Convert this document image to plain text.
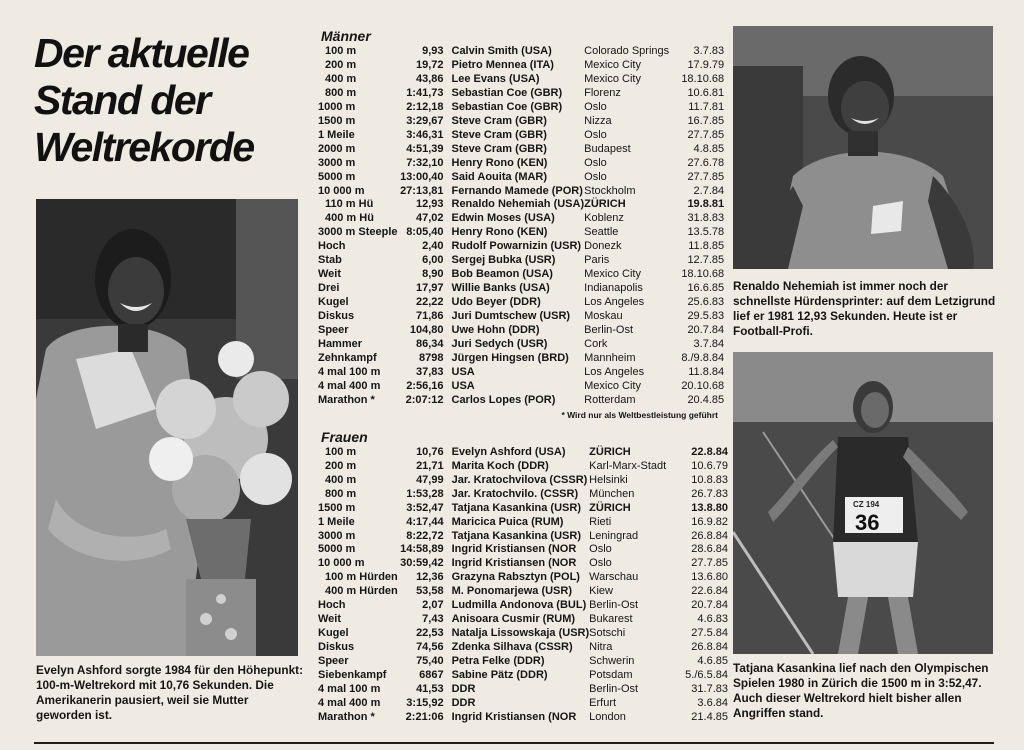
Der aktuelle
Stand der
Weltrekorde

Evelyn Ashford sorgte 1984 für den Höhepunkt: 100-m-Weltrekord mit 10,76 Sekunden. Die Amerikanerin pausiert, weil sie Mutter geworden ist.

Männer
100 m	9,93	Calvin Smith (USA)	Colorado Springs	3.7.83
200 m	19,72	Pietro Mennea (ITA)	Mexico City	17.9.79
400 m	43,86	Lee Evans (USA)	Mexico City	18.10.68
800 m	1:41,73	Sebastian Coe (GBR)	Florenz	10.6.81
1000 m	2:12,18	Sebastian Coe (GBR)	Oslo	11.7.81
1500 m	3:29,67	Steve Cram (GBR)	Nizza	16.7.85
1 Meile	3:46,31	Steve Cram (GBR)	Oslo	27.7.85
2000 m	4:51,39	Steve Cram (GBR)	Budapest	4.8.85
3000 m	7:32,10	Henry Rono (KEN)	Oslo	27.6.78
5000 m	13:00,40	Said Aouita (MAR)	Oslo	27.7.85
10 000 m	27:13,81	Fernando Mamede (POR)	Stockholm	2.7.84
110 m Hü	12,93	Renaldo Nehemiah (USA)	ZÜRICH	19.8.81
400 m Hü	47,02	Edwin Moses (USA)	Koblenz	31.8.83
3000 m Steeple	8:05,40	Henry Rono (KEN)	Seattle	13.5.78
Hoch	2,40	Rudolf Powarnizin (USR)	Donezk	11.8.85
Stab	6,00	Sergej Bubka (USR)	Paris	12.7.85
Weit	8,90	Bob Beamon (USA)	Mexico City	18.10.68
Drei	17,97	Willie Banks (USA)	Indianapolis	16.6.85
Kugel	22,22	Udo Beyer (DDR)	Los Angeles	25.6.83
Diskus	71,86	Juri Dumtschew (USR)	Moskau	29.5.83
Speer	104,80	Uwe Hohn (DDR)	Berlin-Ost	20.7.84
Hammer	86,34	Juri Sedych (USR)	Cork	3.7.84
Zehnkampf	8798	Jürgen Hingsen (BRD)	Mannheim	8./9.8.84
4 mal 100 m	37,83	USA	Los Angeles	11.8.84
4 mal 400 m	2:56,16	USA	Mexico City	20.10.68
Marathon *	2:07:12	Carlos Lopes (POR)	Rotterdam	20.4.85
* Wird nur als Weltbestleistung geführt
Frauen
100 m	10,76	Evelyn Ashford (USA)	ZÜRICH	22.8.84
200 m	21,71	Marita Koch (DDR)	Karl-Marx-Stadt	10.6.79
400 m	47,99	Jar. Kratochvilova (CSSR)	Helsinki	10.8.83
800 m	1:53,28	Jar. Kratochvilo. (CSSR)	München	26.7.83
1500 m	3:52,47	Tatjana Kasankina (USR)	ZÜRICH	13.8.80
1 Meile	4:17,44	Maricica Puica (RUM)	Rieti	16.9.82
3000 m	8:22,72	Tatjana Kasankina (USR)	Leningrad	26.8.84
5000 m	14:58,89	Ingrid Kristiansen (NOR	Oslo	28.6.84
10 000 m	30:59,42	Ingrid Kristiansen (NOR	Oslo	27.7.85
100 m Hürden	12,36	Grazyna Rabsztyn (POL)	Warschau	13.6.80
400 m Hürden	53,58	M. Ponomarjewa (USR)	Kiew	22.6.84
Hoch	2,07	Ludmilla Andonova (BUL)	Berlin-Ost	20.7.84
Weit	7,43	Anisoara Cusmir (RUM)	Bukarest	4.6.83
Kugel	22,53	Natalja Lissowskaja (USR)	Sotschi	27.5.84
Diskus	74,56	Zdenka Silhava (CSSR)	Nitra	26.8.84
Speer	75,40	Petra Felke (DDR)	Schwerin	4.6.85
Siebenkampf	6867	Sabine Pätz (DDR)	Potsdam	5./6.5.84
4 mal 100 m	41,53	DDR	Berlin-Ost	31.7.83
4 mal 400 m	3:15,92	DDR	Erfurt	3.6.84
Marathon *	2:21:06	Ingrid Kristiansen (NOR	London	21.4.85

Renaldo Nehemiah ist immer noch der schnellste Hürdensprinter: auf dem Letzigrund lief er 1981 12,93 Sekunden. Heute ist er Football-Profi.

CZ 194
36

Tatjana Kasankina lief nach den Olympischen Spielen 1980 in Zürich die 1500 m in 3:52,47. Auch dieser Weltrekord hielt bisher allen Angriffen stand.
